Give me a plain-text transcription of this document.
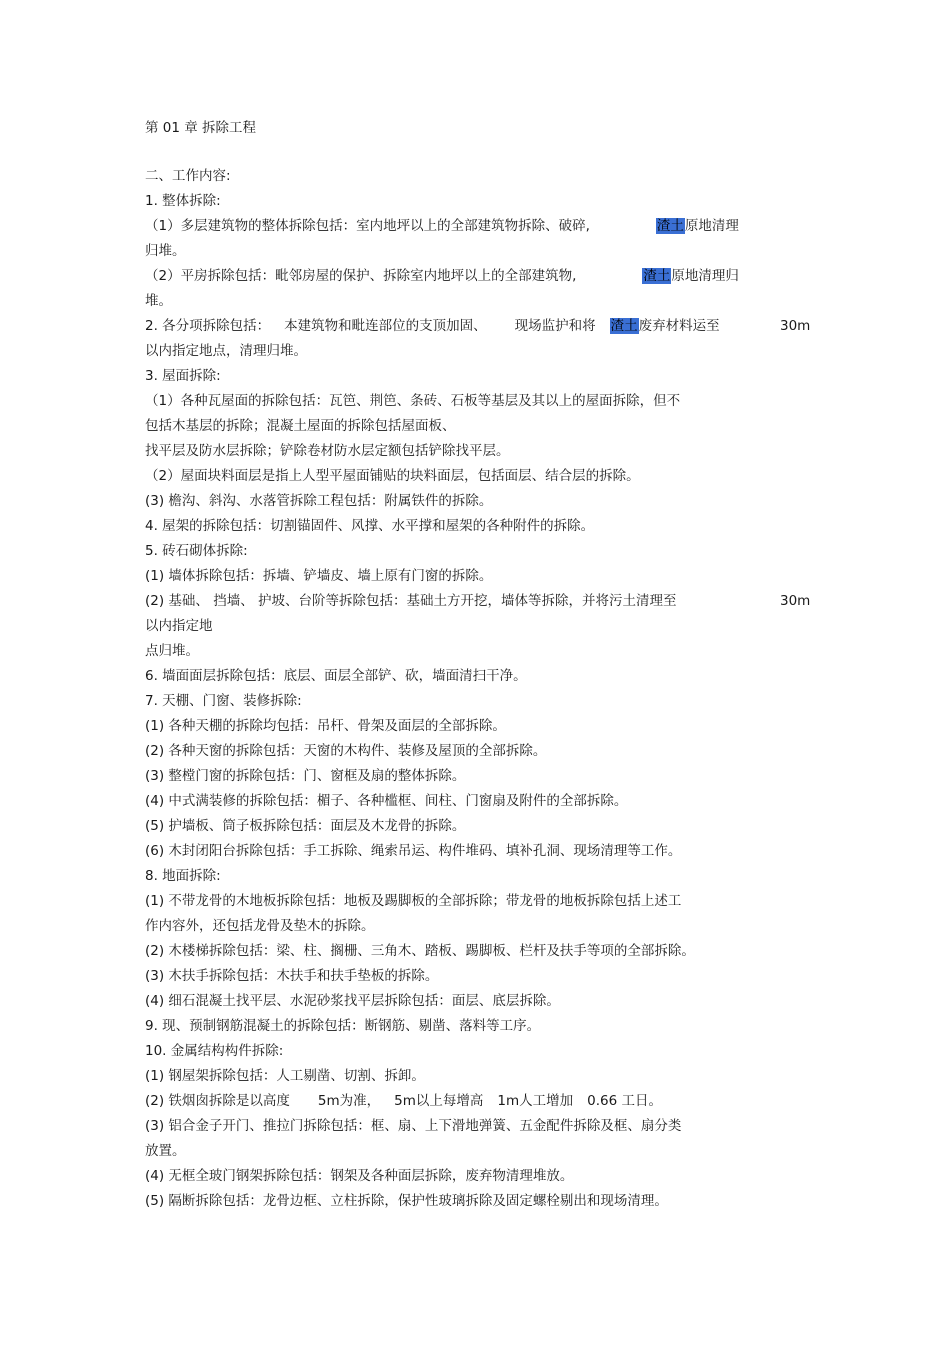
第 01 章 拆除工程
二、工作内容:
1. 整体拆除:
（1）多层建筑物的整体拆除包括：室内地坪以上的全部建筑物拆除、破碎,	渣土原地清理
归堆。
（2）平房拆除包括：毗邻房屋的保护、拆除室内地坪以上的全部建筑物,	渣土原地清理归
堆。
2. 各分项拆除包括： 本建筑物和毗连部位的支顶加固、 现场监护和将 渣土废弃材料运至	30m
以内指定地点，清理归堆。
3. 屋面拆除:
（1）各种瓦屋面的拆除包括：瓦笆、荆笆、条砖、石板等基层及其以上的屋面拆除，但不
包括木基层的拆除；混凝土屋面的拆除包括屋面板、
找平层及防水层拆除；铲除卷材防水层定额包括铲除找平层。
（2）屋面块料面层是指上人型平屋面铺贴的块料面层，包括面层、结合层的拆除。
(3) 檐沟、斜沟、水落管拆除工程包括：附属铁件的拆除。
4. 屋架的拆除包括：切割锚固件、风撑、水平撑和屋架的各种附件的拆除。
5. 砖石砌体拆除:
(1) 墙体拆除包括：拆墙、铲墙皮、墙上原有门窗的拆除。
(2) 基础、 挡墙、 护坡、台阶等拆除包括：基础土方开挖，墙体等拆除，并将污土清理至	30m
以内指定地
点归堆。
6. 墙面面层拆除包括：底层、面层全部铲、砍，墙面清扫干净。
7. 天棚、门窗、装修拆除:
(1) 各种天棚的拆除均包括：吊杆、骨架及面层的全部拆除。
(2) 各种天窗的拆除包括：天窗的木构件、装修及屋顶的全部拆除。
(3) 整樘门窗的拆除包括：门、窗框及扇的整体拆除。
(4) 中式满装修的拆除包括：楣子、各种槛框、间柱、门窗扇及附件的全部拆除。
(5) 护墙板、筒子板拆除包括：面层及木龙骨的拆除。
(6) 木封闭阳台拆除包括：手工拆除、绳索吊运、构件堆码、填补孔洞、现场清理等工作。
8. 地面拆除:
(1) 不带龙骨的木地板拆除包括：地板及踢脚板的全部拆除；带龙骨的地板拆除包括上述工
作内容外，还包括龙骨及垫木的拆除。
(2) 木楼梯拆除包括：梁、柱、搁栅、三角木、踏板、踢脚板、栏杆及扶手等项的全部拆除。
(3) 木扶手拆除包括：木扶手和扶手垫板的拆除。
(4) 细石混凝土找平层、水泥砂浆找平层拆除包括：面层、底层拆除。
9. 现、预制钢筋混凝土的拆除包括：断钢筋、剔凿、落料等工序。
10. 金属结构构件拆除:
(1) 钢屋架拆除包括：人工剔凿、切割、拆卸。
(2) 铁烟囱拆除是以高度 5m为准， 5m以上每增高 1m人工增加 0.66 工日。
(3) 铝合金子开门、推拉门拆除包括：框、扇、上下滑地弹簧、五金配件拆除及框、扇分类
放置。
(4) 无框全玻门钢架拆除包括：钢架及各种面层拆除，废弃物清理堆放。
(5) 隔断拆除包括：龙骨边框、立柱拆除，保护性玻璃拆除及固定螺栓剔出和现场清理。
